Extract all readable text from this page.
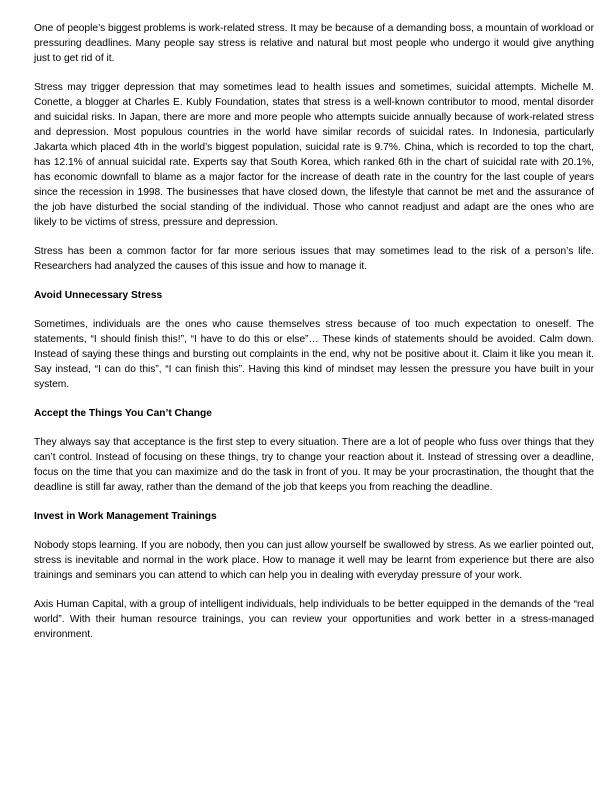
One of people’s biggest problems is work-related stress. It may be because of a demanding boss, a mountain of workload or pressuring deadlines. Many people say stress is relative and natural but most people who undergo it would give anything just to get rid of it.

Stress may trigger depression that may sometimes lead to health issues and sometimes, suicidal attempts. Michelle M. Conette, a blogger at Charles E. Kubly Foundation, states that stress is a well-known contributor to mood, mental disorder and suicidal risks. In Japan, there are more and more people who attempts suicide annually because of work-related stress and depression. Most populous countries in the world have similar records of suicidal rates. In Indonesia, particularly Jakarta which placed 4th in the world’s biggest population, suicidal rate is 9.7%. China, which is recorded to top the chart, has 12.1% of annual suicidal rate. Experts say that South Korea, which ranked 6th in the chart of suicidal rate with 20.1%, has economic downfall to blame as a major factor for the increase of death rate in the country for the last couple of years since the recession in 1998. The businesses that have closed down, the lifestyle that cannot be met and the assurance of the job have disturbed the social standing of the individual. Those who cannot readjust and adapt are the ones who are likely to be victims of stress, pressure and depression.

Stress has been a common factor for far more serious issues that may sometimes lead to the risk of a person’s life. Researchers had analyzed the causes of this issue and how to manage it.

Avoid Unnecessary Stress

Sometimes, individuals are the ones who cause themselves stress because of too much expectation to oneself. The statements, “I should finish this!”, “I have to do this or else”… These kinds of statements should be avoided. Calm down. Instead of saying these things and bursting out complaints in the end, why not be positive about it. Claim it like you mean it. Say instead, “I can do this”, “I can finish this”. Having this kind of mindset may lessen the pressure you have built in your system.

Accept the Things You Can’t Change

They always say that acceptance is the first step to every situation. There are a lot of people who fuss over things that they can’t control. Instead of focusing on these things, try to change your reaction about it. Instead of stressing over a deadline, focus on the time that you can maximize and do the task in front of you. It may be your procrastination, the thought that the deadline is still far away, rather than the demand of the job that keeps you from reaching the deadline.

Invest in Work Management Trainings

Nobody stops learning. If you are nobody, then you can just allow yourself be swallowed by stress. As we earlier pointed out, stress is inevitable and normal in the work place. How to manage it well may be learnt from experience but there are also trainings and seminars you can attend to which can help you in dealing with everyday pressure of your work.

Axis Human Capital, with a group of intelligent individuals, help individuals to be better equipped in the demands of the “real world”. With their human resource trainings, you can review your opportunities and work better in a stress-managed environment.
